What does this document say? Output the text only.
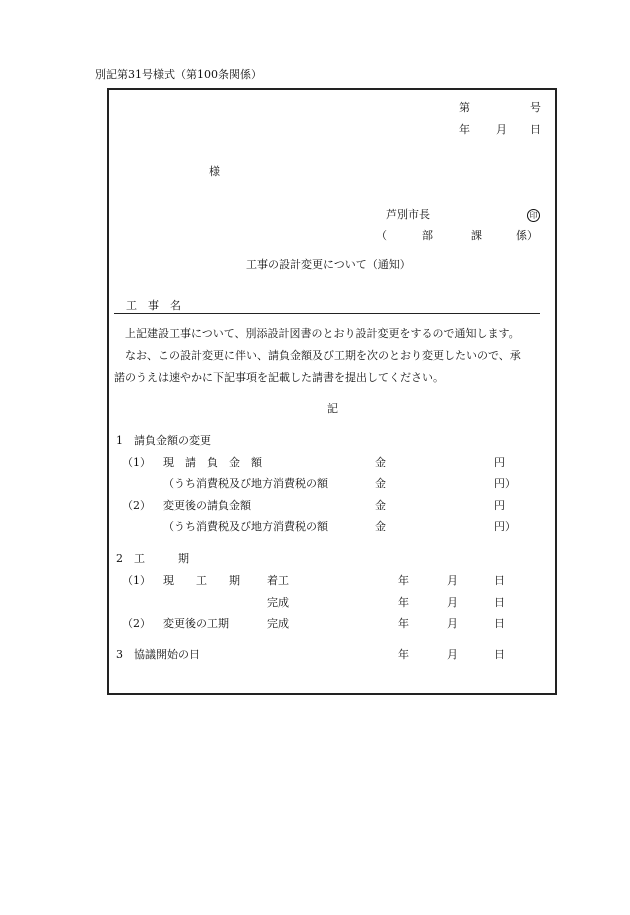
別記第31号様式（第100条関係）
第	号
年 月 日
様
芦別市長	印
（	部	課	係）
工事の設計変更について（通知）
工　事　名
上記建設工事について、別添設計図書のとおり設計変更をするので通知します。
なお、この設計変更に伴い、請負金額及び工期を次のとおり変更したいので、承
諾のうえは速やかに下記事項を記載した請書を提出してください。
記
1　請負金額の変更
（1） 現　請　負　金　額	金	円
（うち消費税及び地方消費税の額	金	円）
（2） 変更後の請負金額	金	円
（うち消費税及び地方消費税の額	金	円）
2　工　　　期
（1） 現　　工　　期 着工	年	月	日
完成	年	月	日
（2） 変更後の工期	完成	年	月	日
3　協議開始の日	年	月	日
